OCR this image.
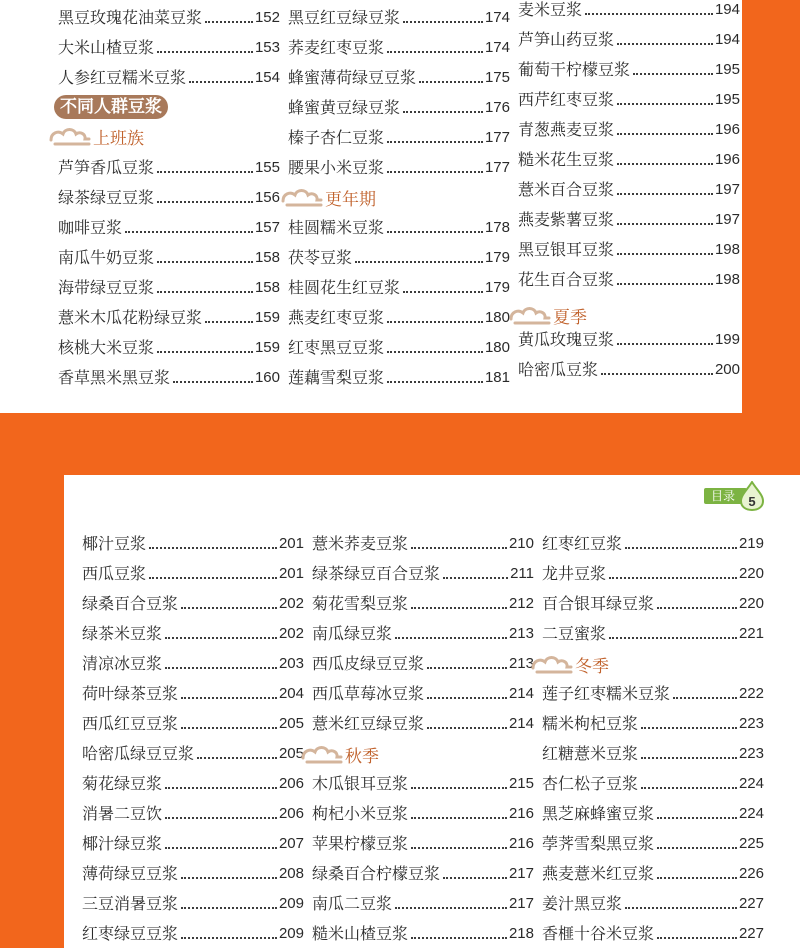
黑豆玫瑰花油菜豆浆	152
大米山楂豆浆	153
人参红豆糯米豆浆	154
芦笋香瓜豆浆	155
绿茶绿豆豆浆	156
咖啡豆浆	157
南瓜牛奶豆浆	158
海带绿豆豆浆	158
薏米木瓜花粉绿豆浆	159
核桃大米豆浆	159
香草黑米黑豆浆	160
黑豆红豆绿豆浆	174
荞麦红枣豆浆	174
蜂蜜薄荷绿豆豆浆	175
蜂蜜黄豆绿豆浆	176
榛子杏仁豆浆	177
腰果小米豆浆	177
桂圆糯米豆浆	178
茯苓豆浆	179
桂圆花生红豆浆	179
燕麦红枣豆浆	180
红枣黑豆豆浆	180
莲藕雪梨豆浆	181
麦米豆浆	194
芦笋山药豆浆	194
葡萄干柠檬豆浆	195
西芹红枣豆浆	195
青葱燕麦豆浆	196
糙米花生豆浆	196
薏米百合豆浆	197
燕麦紫薯豆浆	197
黑豆银耳豆浆	198
花生百合豆浆	198
黄瓜玫瑰豆浆	199
哈密瓜豆浆	200
不同人群豆浆
上班族
更年期
夏季
目录	5
椰汁豆浆	201
西瓜豆浆	201
绿桑百合豆浆	202
绿茶米豆浆	202
清凉冰豆浆	203
荷叶绿茶豆浆	204
西瓜红豆豆浆	205
哈密瓜绿豆豆浆	205
菊花绿豆浆	206
消暑二豆饮	206
椰汁绿豆浆	207
薄荷绿豆豆浆	208
三豆消暑豆浆	209
红枣绿豆豆浆	209
薏米荞麦豆浆	210
绿茶绿豆百合豆浆	211
菊花雪梨豆浆	212
南瓜绿豆浆	213
西瓜皮绿豆豆浆	213
西瓜草莓冰豆浆	214
薏米红豆绿豆浆	214
木瓜银耳豆浆	215
枸杞小米豆浆	216
苹果柠檬豆浆	216
绿桑百合柠檬豆浆	217
南瓜二豆浆	217
糙米山楂豆浆	218
红枣红豆浆	219
龙井豆浆	220
百合银耳绿豆浆	220
二豆蜜浆	221
莲子红枣糯米豆浆	222
糯米枸杞豆浆	223
红糖薏米豆浆	223
杏仁松子豆浆	224
黑芝麻蜂蜜豆浆	224
荸荠雪梨黑豆浆	225
燕麦薏米红豆浆	226
姜汁黑豆浆	227
香榧十谷米豆浆	227
秋季
冬季
